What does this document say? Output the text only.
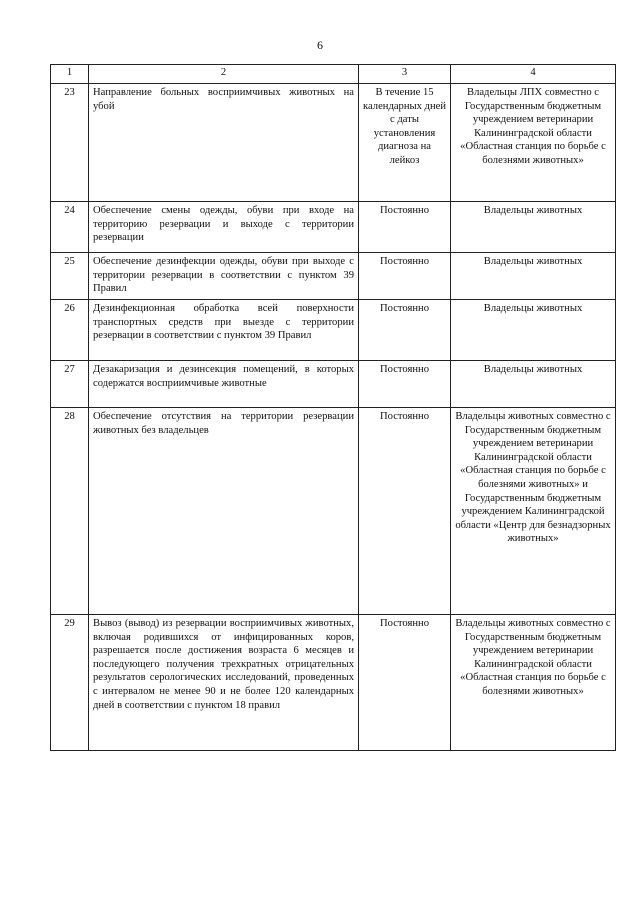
6
1	2	3	4
23	Направление больных восприимчивых животных на убой	В течение 15 календарных дней с даты установления диагноза на лейкоз	Владельцы ЛПХ совместно с Государственным бюджетным учреждением ветеринарии Калининградской области «Областная станция по борьбе с болезнями животных»
24	Обеспечение смены одежды, обуви при входе на территорию резервации и выходе с территории резервации	Постоянно	Владельцы животных
25	Обеспечение дезинфекции одежды, обуви при выходе с территории резервации в соответствии с пунктом 39 Правил	Постоянно	Владельцы животных
26	Дезинфекционная обработка всей поверхности транспортных средств при выезде с территории резервации в соответствии с пунктом 39 Правил	Постоянно	Владельцы животных
27	Дезакаризация и дезинсекция помещений, в которых содержатся восприимчивые животные	Постоянно	Владельцы животных
28	Обеспечение отсутствия на территории резервации животных без владельцев	Постоянно	Владельцы животных совместно с Государственным бюджетным учреждением ветеринарии Калининградской области «Областная станция по борьбе с болезнями животных» и Государственным бюджетным учреждением Калининградской области «Центр для безнадзорных животных»
29	Вывоз (вывод) из резервации восприимчивых животных, включая родившихся от инфицированных коров, разрешается после достижения возраста 6 месяцев и последующего получения трехкратных отрицательных результатов серологических исследований, проведенных с интервалом не менее 90 и не более 120 календарных дней в соответствии с пунктом 18 правил	Постоянно	Владельцы животных совместно с Государственным бюджетным учреждением ветеринарии Калининградской области «Областная станция по борьбе с болезнями животных»
